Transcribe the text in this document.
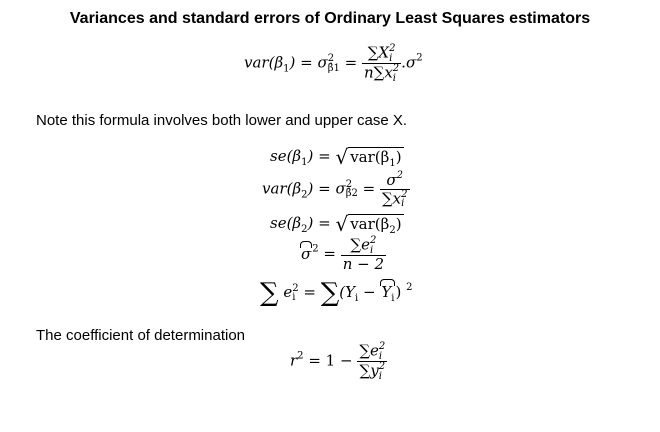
Variances and standard errors of Ordinary Least Squares estimators
$var(\beta_1) = \sigma$ 2
β̂1 = ∑X 2
i
n∑x 2
i $.\sigma^2$
Note this formula involves both lower and upper case X.
$se(\beta_1)$ = √ $var(\beta_1)$
$var(\beta_2) = \sigma$ 2
β̂2 = $\sigma^2$
∑x 2
i
$se(\beta_2)$ = √ $var(\beta_2)$
$\sigma^2 = \sum e$ 2
i
n − 2
∑ e 2
$i = \sum(Y_i - Y_i)$ $^2$
The coefficient of determination
$r^2 = 1 - \sum e$ 2
i
∑y 2
i
